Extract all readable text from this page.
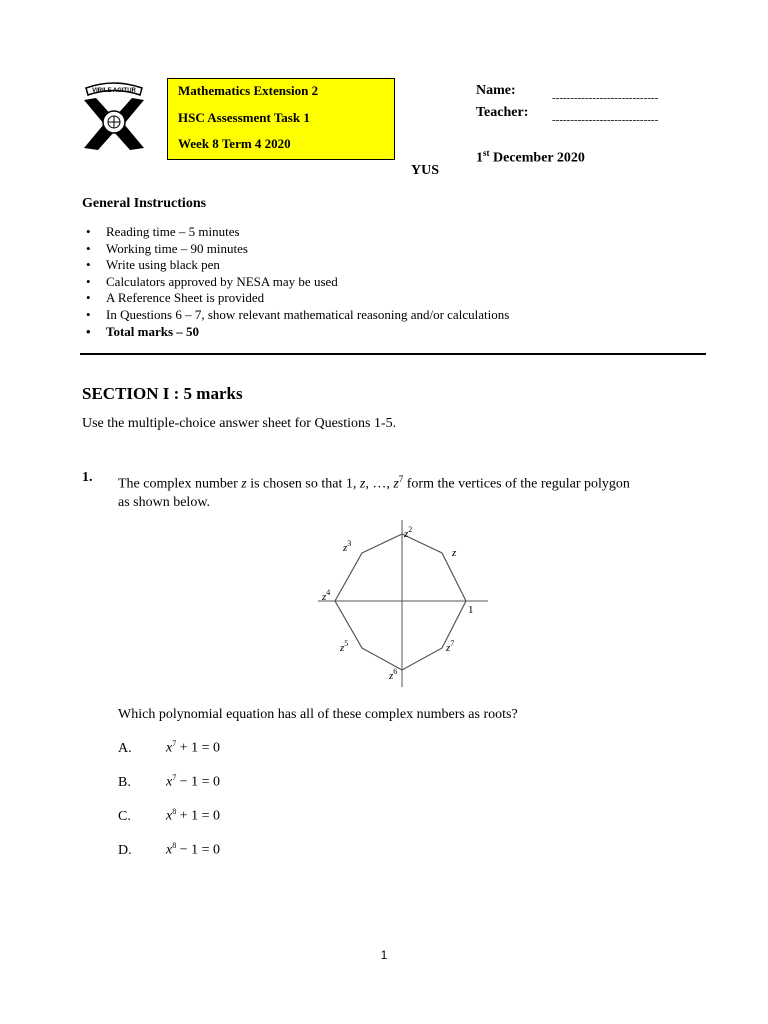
VIRILE AGITUR	Mathematics Extension 2
HSC Assessment Task 1
Week 8 Term 4 2020
Name:	-----------------------------
Teacher: -----------------------------
1st December 2020
YUS
General Instructions
• Reading time – 5 minutes
• Working time – 90 minutes
• Write using black pen
• Calculators approved by NESA may be used
• A Reference Sheet is provided
• In Questions 6 – 7, show relevant mathematical reasoning and/or calculations
• Total marks – 50
SECTION I : 5 marks
Use the multiple-choice answer sheet for Questions 1-5.
1. The complex number z is chosen so that 1, z, …, $z^7$ form the vertices of the regular polygon
as shown below.
$z^2$
$z^3$
z
$z^4$
1
$z^5$	$z^7$
$z^6$
Which polynomial equation has all of these complex numbers as roots?
A. $x^7 + 1 = 0$
B.	$x^7 - 1 = 0$
C.	$x^8 + 1 = 0$
D. $x^8 - 1 = 0$
1
